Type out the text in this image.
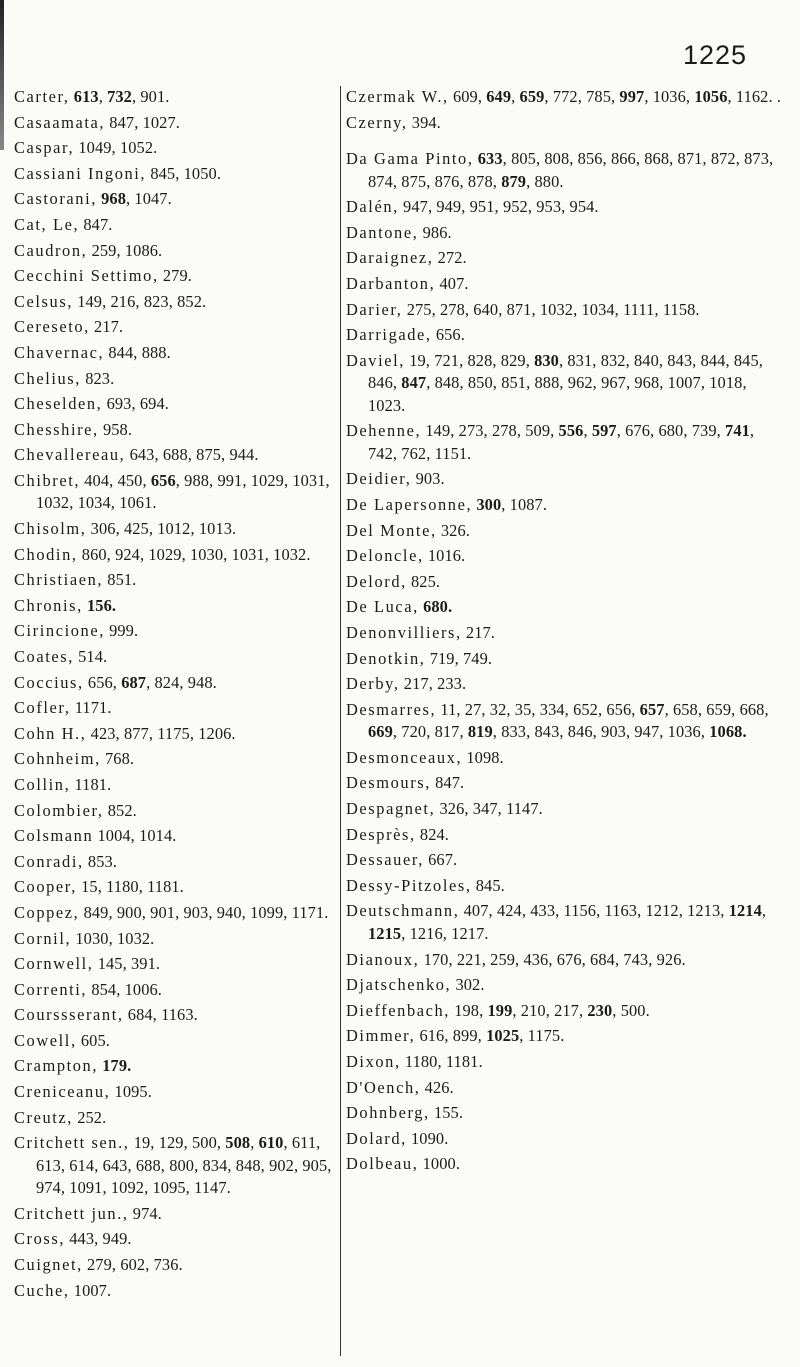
1225
Carter, 613, 732, 901.
Casaamata, 847, 1027.
Caspar, 1049, 1052.
Cassiani Ingoni, 845, 1050.
Castorani, 968, 1047.
Cat, Le, 847.
Caudron, 259, 1086.
Cecchini Settimo, 279.
Celsus, 149, 216, 823, 852.
Cereseto, 217.
Chavernac, 844, 888.
Chelius, 823.
Cheselden, 693, 694.
Chesshire, 958.
Chevallereau, 643, 688, 875, 944.
Chibret, 404, 450, 656, 988, 991, 1029, 1031, 1032, 1034, 1061.
Chisolm, 306, 425, 1012, 1013.
Chodin, 860, 924, 1029, 1030, 1031, 1032.
Christiaen, 851.
Chronis, 156.
Cirincione, 999.
Coates, 514.
Coccius, 656, 687, 824, 948.
Cofler, 1171.
Cohn H., 423, 877, 1175, 1206.
Cohnheim, 768.
Collin, 1181.
Colombier, 852.
Colsmann 1004, 1014.
Conradi, 853.
Cooper, 15, 1180, 1181.
Coppez, 849, 900, 901, 903, 940, 1099, 1171.
Cornil, 1030, 1032.
Cornwell, 145, 391.
Correnti, 854, 1006.
Courssserant, 684, 1163.
Cowell, 605.
Crampton, 179.
Creniceanu, 1095.
Creutz, 252.
Critchett sen., 19, 129, 500, 508, 610, 611, 613, 614, 643, 688, 800, 834, 848, 902, 905, 974, 1091, 1092, 1095, 1147.
Critchett jun., 974.
Cross, 443, 949.
Cuignet, 279, 602, 736.
Cuche, 1007.
Czermak W., 609, 649, 659, 772, 785, 997, 1036, 1056, 1162. .
Czerny, 394.
Da Gama Pinto, 633, 805, 808, 856, 866, 868, 871, 872, 873, 874, 875, 876, 878, 879, 880.
Dalén, 947, 949, 951, 952, 953, 954.
Dantone, 986.
Daraignez, 272.
Darbanton, 407.
Darier, 275, 278, 640, 871, 1032, 1034, 1111, 1158.
Darrigade, 656.
Daviel, 19, 721, 828, 829, 830, 831, 832, 840, 843, 844, 845, 846, 847, 848, 850, 851, 888, 962, 967, 968, 1007, 1018, 1023.
Dehenne, 149, 273, 278, 509, 556, 597, 676, 680, 739, 741, 742, 762, 1151.
Deidier, 903.
De Lapersonne, 300, 1087.
Del Monte, 326.
Deloncle, 1016.
Delord, 825.
De Luca, 680.
Denonvilliers, 217.
Denotkin, 719, 749.
Derby, 217, 233.
Desmarres, 11, 27, 32, 35, 334, 652, 656, 657, 658, 659, 668, 669, 720, 817, 819, 833, 843, 846, 903, 947, 1036, 1068.
Desmonceaux, 1098.
Desmours, 847.
Despagnet, 326, 347, 1147.
Desprès, 824.
Dessauer, 667.
Dessy-Pitzoles, 845.
Deutschmann, 407, 424, 433, 1156, 1163, 1212, 1213, 1214, 1215, 1216, 1217.
Dianoux, 170, 221, 259, 436, 676, 684, 743, 926.
Djatschenko, 302.
Dieffenbach, 198, 199, 210, 217, 230, 500.
Dimmer, 616, 899, 1025, 1175.
Dixon, 1180, 1181.
D'Oench, 426.
Dohnberg, 155.
Dolard, 1090.
Dolbeau, 1000.
